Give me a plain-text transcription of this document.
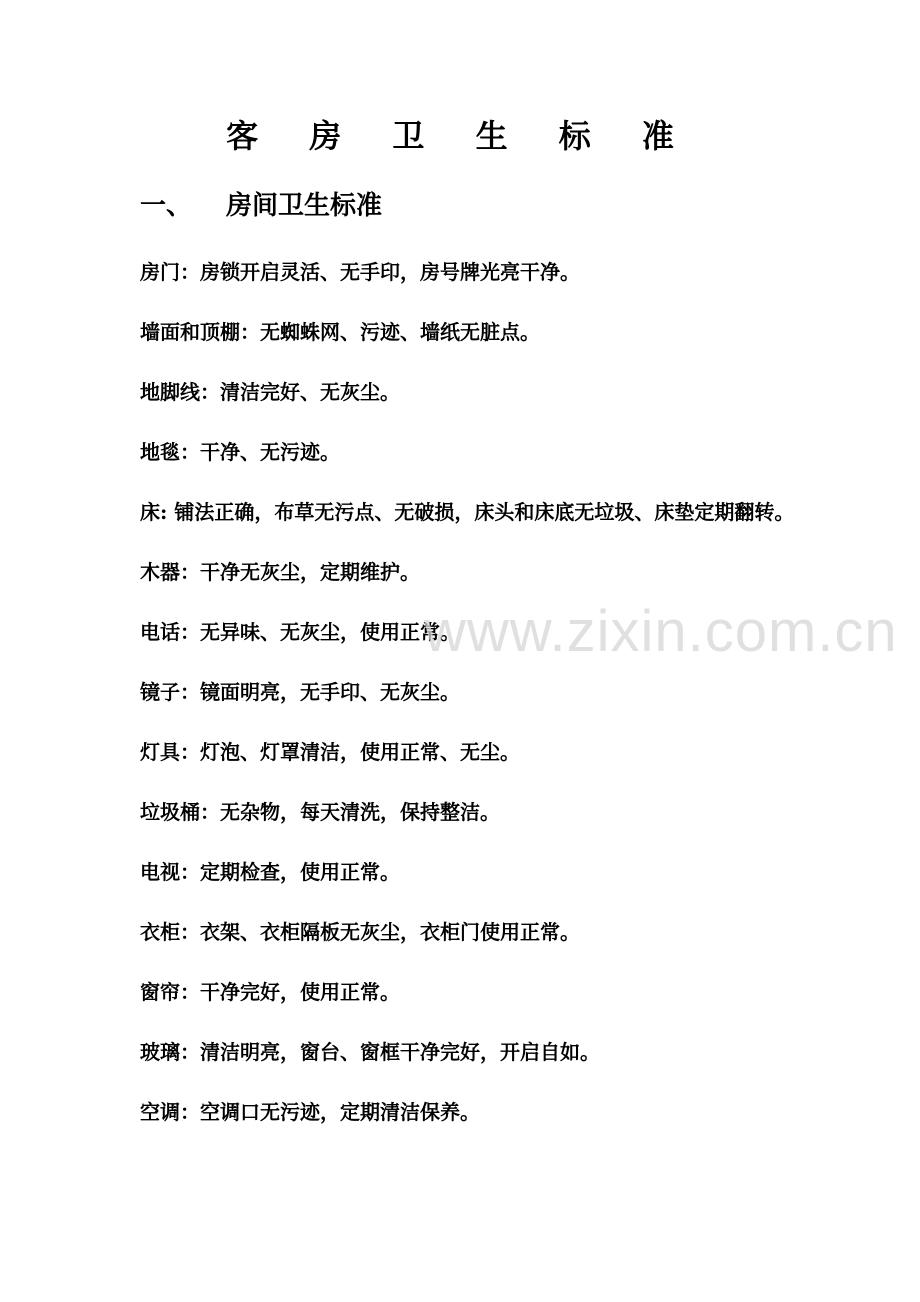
客 房 卫 生 标 准
一、 房间卫生标准
房门：房锁开启灵活、无手印，房号牌光亮干净。
墙面和顶棚：无蜘蛛网、污迹、墙纸无脏点。
地脚线：清洁完好、无灰尘。
地毯：干净、无污迹。
床: 铺法正确，布草无污点、无破损，床头和床底无垃圾、床垫定期翻转。
木器：干净无灰尘，定期维护。
电话：无异味、无灰尘，使用正常。
镜子：镜面明亮，无手印、无灰尘。
灯具：灯泡、灯罩清洁，使用正常、无尘。
垃圾桶：无杂物，每天清洗，保持整洁。
电视：定期检查，使用正常。
衣柜：衣架、衣柜隔板无灰尘，衣柜门使用正常。
窗帘：干净完好，使用正常。
玻璃：清洁明亮，窗台、窗框干净完好，开启自如。
空调：空调口无污迹，定期清洁保养。
www.zixin.com.cn
